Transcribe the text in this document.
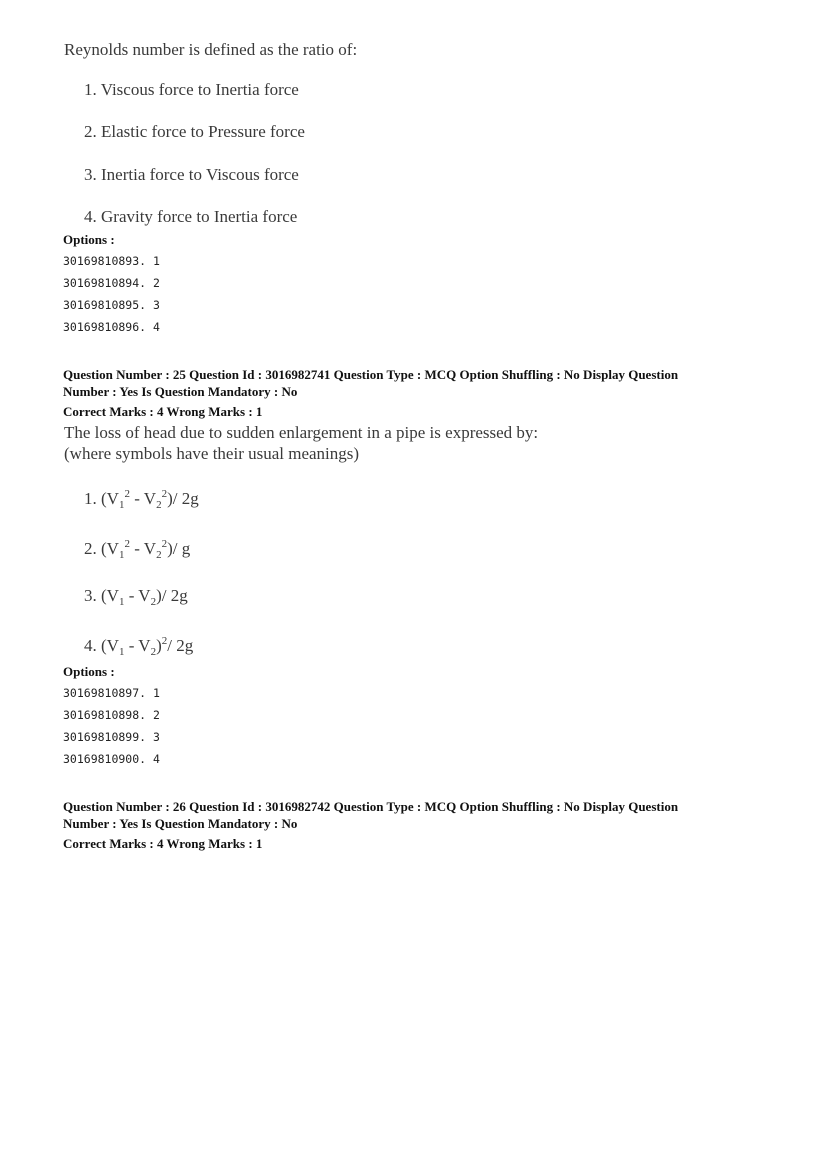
Reynolds number is defined as the ratio of:
1. Viscous force to Inertia force
2. Elastic force to Pressure force
3. Inertia force to Viscous force
4. Gravity force to Inertia force
Options :
30169810893. 1
30169810894. 2
30169810895. 3
30169810896. 4
Question Number : 25 Question Id : 3016982741 Question Type : MCQ Option Shuffling : No Display Question
Number : Yes Is Question Mandatory : No
Correct Marks : 4 Wrong Marks : 1
The loss of head due to sudden enlargement in a pipe is expressed by:
(where symbols have their usual meanings)
1. $(V_1^2 - V_2^2)/$ 2g
2. $(V_1^2 - V_2^2)/$ g
3. $(V_1 - V_2)/$ 2g
4. $(V_1 - V_2)^2/$ 2g
Options :
30169810897. 1
30169810898. 2
30169810899. 3
30169810900. 4
Question Number : 26 Question Id : 3016982742 Question Type : MCQ Option Shuffling : No Display Question
Number : Yes Is Question Mandatory : No
Correct Marks : 4 Wrong Marks : 1
